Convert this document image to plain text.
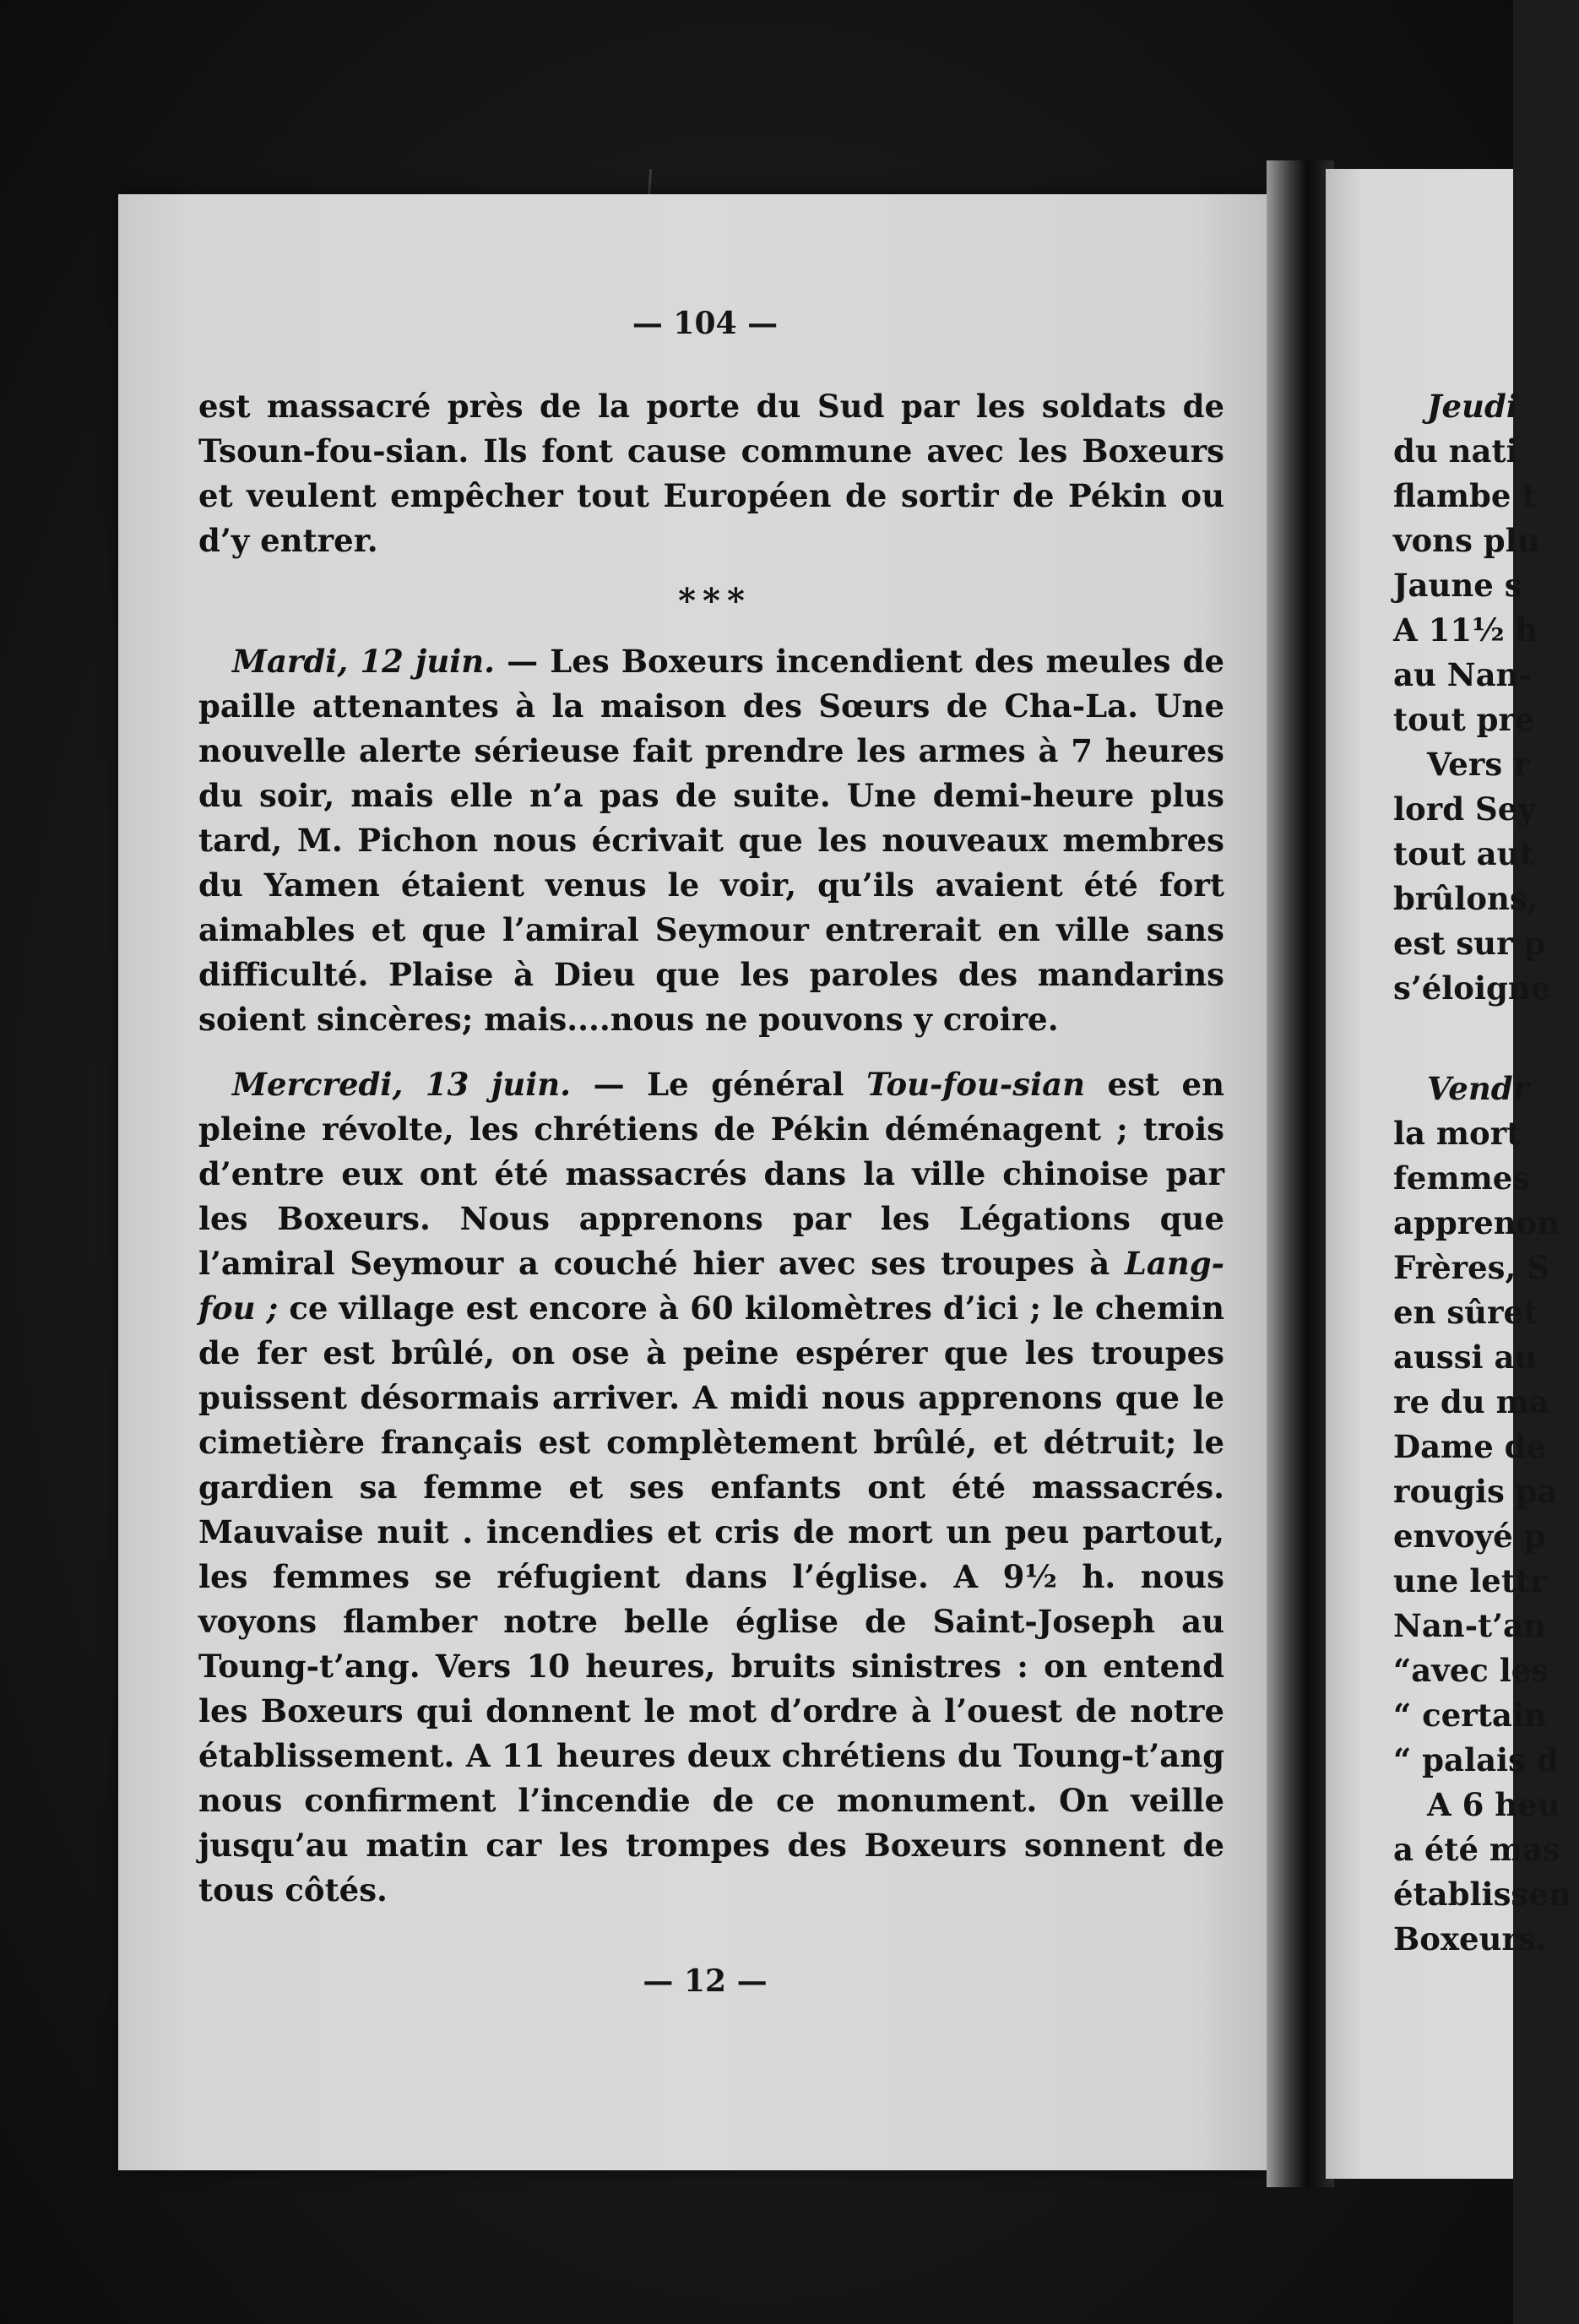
— 104 —

est massacré près de la porte du Sud par les soldats de Tsoun-fou-sian. Ils font cause commune avec les Boxeurs et veulent empêcher tout Européen de sortir de Pékin ou d’y entrer.

* * *

Mardi, 12 juin. — Les Boxeurs incendient des meules de paille attenantes à la maison des Sœurs de Cha-La. Une nouvelle alerte sérieuse fait prendre les armes à 7 heures du soir, mais elle n’a pas de suite. Une demi-heure plus tard, M. Pichon nous écrivait que les nouveaux membres du Yamen étaient venus le voir, qu’ils avaient été fort aimables et que l’amiral Seymour entrerait en ville sans difficulté. Plaise à Dieu que les paroles des mandarins soient sincères; mais....nous ne pouvons y croire.

Mercredi, 13 juin. — Le général Tou-fou-sian est en pleine révolte, les chrétiens de Pékin déménagent ; trois d’entre eux ont été massacrés dans la ville chinoise par les Boxeurs. Nous apprenons par les Légations que l’amiral Seymour a couché hier avec ses troupes à Lang-fou ; ce village est encore à 60 kilomètres d’ici ; le chemin de fer est brûlé, on ose à peine espérer que les troupes puissent désormais arriver. A midi nous apprenons que le cimetière français est complètement brûlé, et détruit; le gardien sa femme et ses enfants ont été massacrés. Mauvaise nuit . incendies et cris de mort un peu partout, les femmes se réfugient dans l’église. A 9½ h. nous voyons flamber notre belle église de Saint-Joseph au Toung-t’ang. Vers 10 heures, bruits sinistres : on entend les Boxeurs qui donnent le mot d’ordre à l’ouest de notre établissement. A 11 heures deux chrétiens du Toung-t’ang nous confirment l’incendie de ce monument. On veille jusqu’au matin car les trompes des Boxeurs sonnent de tous côtés.

— 12 —
Jeudi
du nati
flambe t
vons plu
Jaune s
A 11½ h
au Nan-
tout pre
Vers r
lord Sey
tout aut
brûlons,
est sur p
s’éloigne
Vendr
la mort
femmes
apprenon
Frères, S
en sûret
aussi au
re du ma
Dame de
rougis pa
envoyé p
une lettr
Nan-t’an
“avec les
“ certain
“ palais d
A 6 heu
a été mas
établissen
Boxeurs.
